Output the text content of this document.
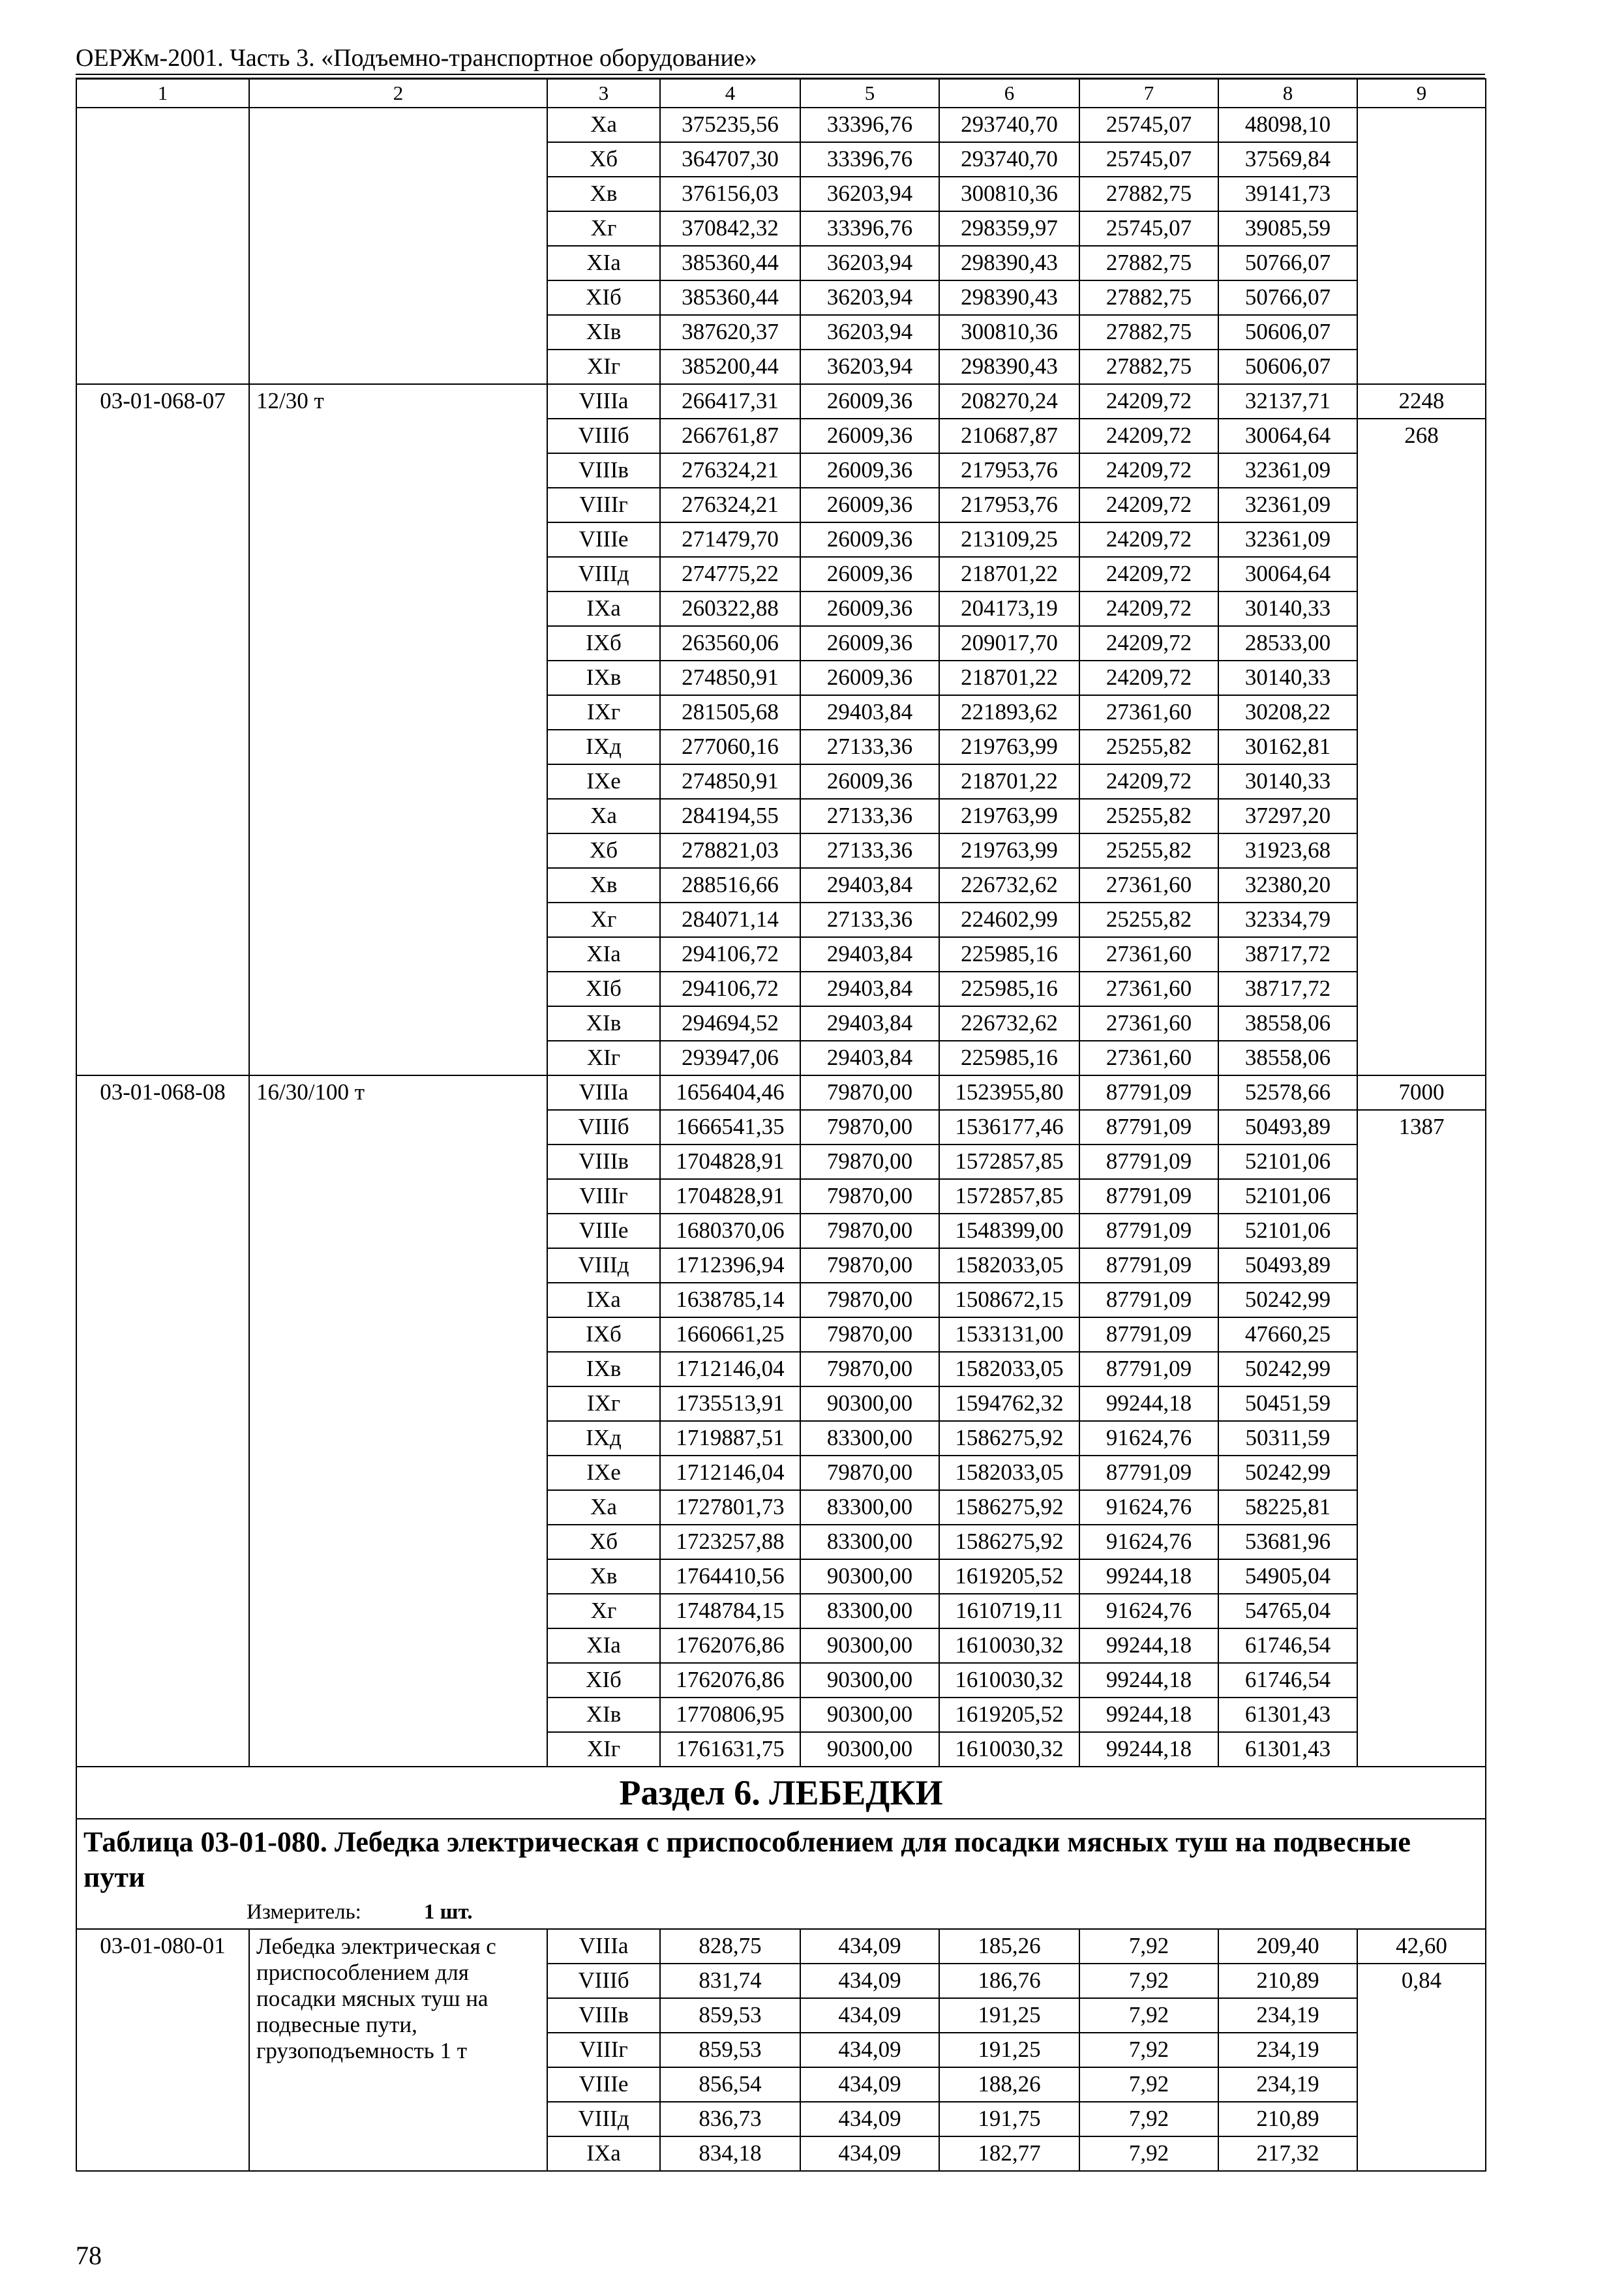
ОЕРЖм-2001. Часть 3. «Подъемно-транспортное оборудование»
1	2	3	4	5	6	7	8	9
		Xa	375235,56	33396,76	293740,70	25745,07	48098,10	
		Xб	364707,30	33396,76	293740,70	25745,07	37569,84	
		Xв	376156,03	36203,94	300810,36	27882,75	39141,73	
		Xг	370842,32	33396,76	298359,97	25745,07	39085,59	
		XIa	385360,44	36203,94	298390,43	27882,75	50766,07	
		XIб	385360,44	36203,94	298390,43	27882,75	50766,07	
		XIв	387620,37	36203,94	300810,36	27882,75	50606,07	
		XIг	385200,44	36203,94	298390,43	27882,75	50606,07	
03-01-068-07	12/30 т	VIIIa	266417,31	26009,36	208270,24	24209,72	32137,71	2248
		VIIIб	266761,87	26009,36	210687,87	24209,72	30064,64	268
		VIIIв	276324,21	26009,36	217953,76	24209,72	32361,09	
		VIIIг	276324,21	26009,36	217953,76	24209,72	32361,09	
		VIIIе	271479,70	26009,36	213109,25	24209,72	32361,09	
		VIIIд	274775,22	26009,36	218701,22	24209,72	30064,64	
		IXa	260322,88	26009,36	204173,19	24209,72	30140,33	
		IXб	263560,06	26009,36	209017,70	24209,72	28533,00	
		IXв	274850,91	26009,36	218701,22	24209,72	30140,33	
		IXг	281505,68	29403,84	221893,62	27361,60	30208,22	
		IXд	277060,16	27133,36	219763,99	25255,82	30162,81	
		IXе	274850,91	26009,36	218701,22	24209,72	30140,33	
		Xa	284194,55	27133,36	219763,99	25255,82	37297,20	
		Xб	278821,03	27133,36	219763,99	25255,82	31923,68	
		Xв	288516,66	29403,84	226732,62	27361,60	32380,20	
		Xг	284071,14	27133,36	224602,99	25255,82	32334,79	
		XIa	294106,72	29403,84	225985,16	27361,60	38717,72	
		XIб	294106,72	29403,84	225985,16	27361,60	38717,72	
		XIв	294694,52	29403,84	226732,62	27361,60	38558,06	
		XIг	293947,06	29403,84	225985,16	27361,60	38558,06	
03-01-068-08	16/30/100 т	VIIIa	1656404,46	79870,00	1523955,80	87791,09	52578,66	7000
		VIIIб	1666541,35	79870,00	1536177,46	87791,09	50493,89	1387
		VIIIв	1704828,91	79870,00	1572857,85	87791,09	52101,06	
		VIIIг	1704828,91	79870,00	1572857,85	87791,09	52101,06	
		VIIIе	1680370,06	79870,00	1548399,00	87791,09	52101,06	
		VIIIд	1712396,94	79870,00	1582033,05	87791,09	50493,89	
		IXa	1638785,14	79870,00	1508672,15	87791,09	50242,99	
		IXб	1660661,25	79870,00	1533131,00	87791,09	47660,25	
		IXв	1712146,04	79870,00	1582033,05	87791,09	50242,99	
		IXг	1735513,91	90300,00	1594762,32	99244,18	50451,59	
		IXд	1719887,51	83300,00	1586275,92	91624,76	50311,59	
		IXе	1712146,04	79870,00	1582033,05	87791,09	50242,99	
		Xa	1727801,73	83300,00	1586275,92	91624,76	58225,81	
		Xб	1723257,88	83300,00	1586275,92	91624,76	53681,96	
		Xв	1764410,56	90300,00	1619205,52	99244,18	54905,04	
		Xг	1748784,15	83300,00	1610719,11	91624,76	54765,04	
		XIa	1762076,86	90300,00	1610030,32	99244,18	61746,54	
		XIб	1762076,86	90300,00	1610030,32	99244,18	61746,54	
		XIв	1770806,95	90300,00	1619205,52	99244,18	61301,43	
		XIг	1761631,75	90300,00	1610030,32	99244,18	61301,43	
Раздел 6. ЛЕБЕДКИ								
Таблица 03-01-080. Лебедка электрическая с приспособлением для посадки мясных туш на подвесные пути								
Измеритель: 1 шт.								
03-01-080-01	Лебедка электрическая с приспособлением для посадки мясных туш на подвесные пути, грузоподъемность 1 т	VIIIa	828,75	434,09	185,26	7,92	209,40	42,60
		VIIIб	831,74	434,09	186,76	7,92	210,89	0,84
		VIIIв	859,53	434,09	191,25	7,92	234,19	
		VIIIг	859,53	434,09	191,25	7,92	234,19	
		VIIIе	856,54	434,09	188,26	7,92	234,19	
		VIIIд	836,73	434,09	191,75	7,92	210,89	
		IXa	834,18	434,09	182,77	7,92	217,32	
78
